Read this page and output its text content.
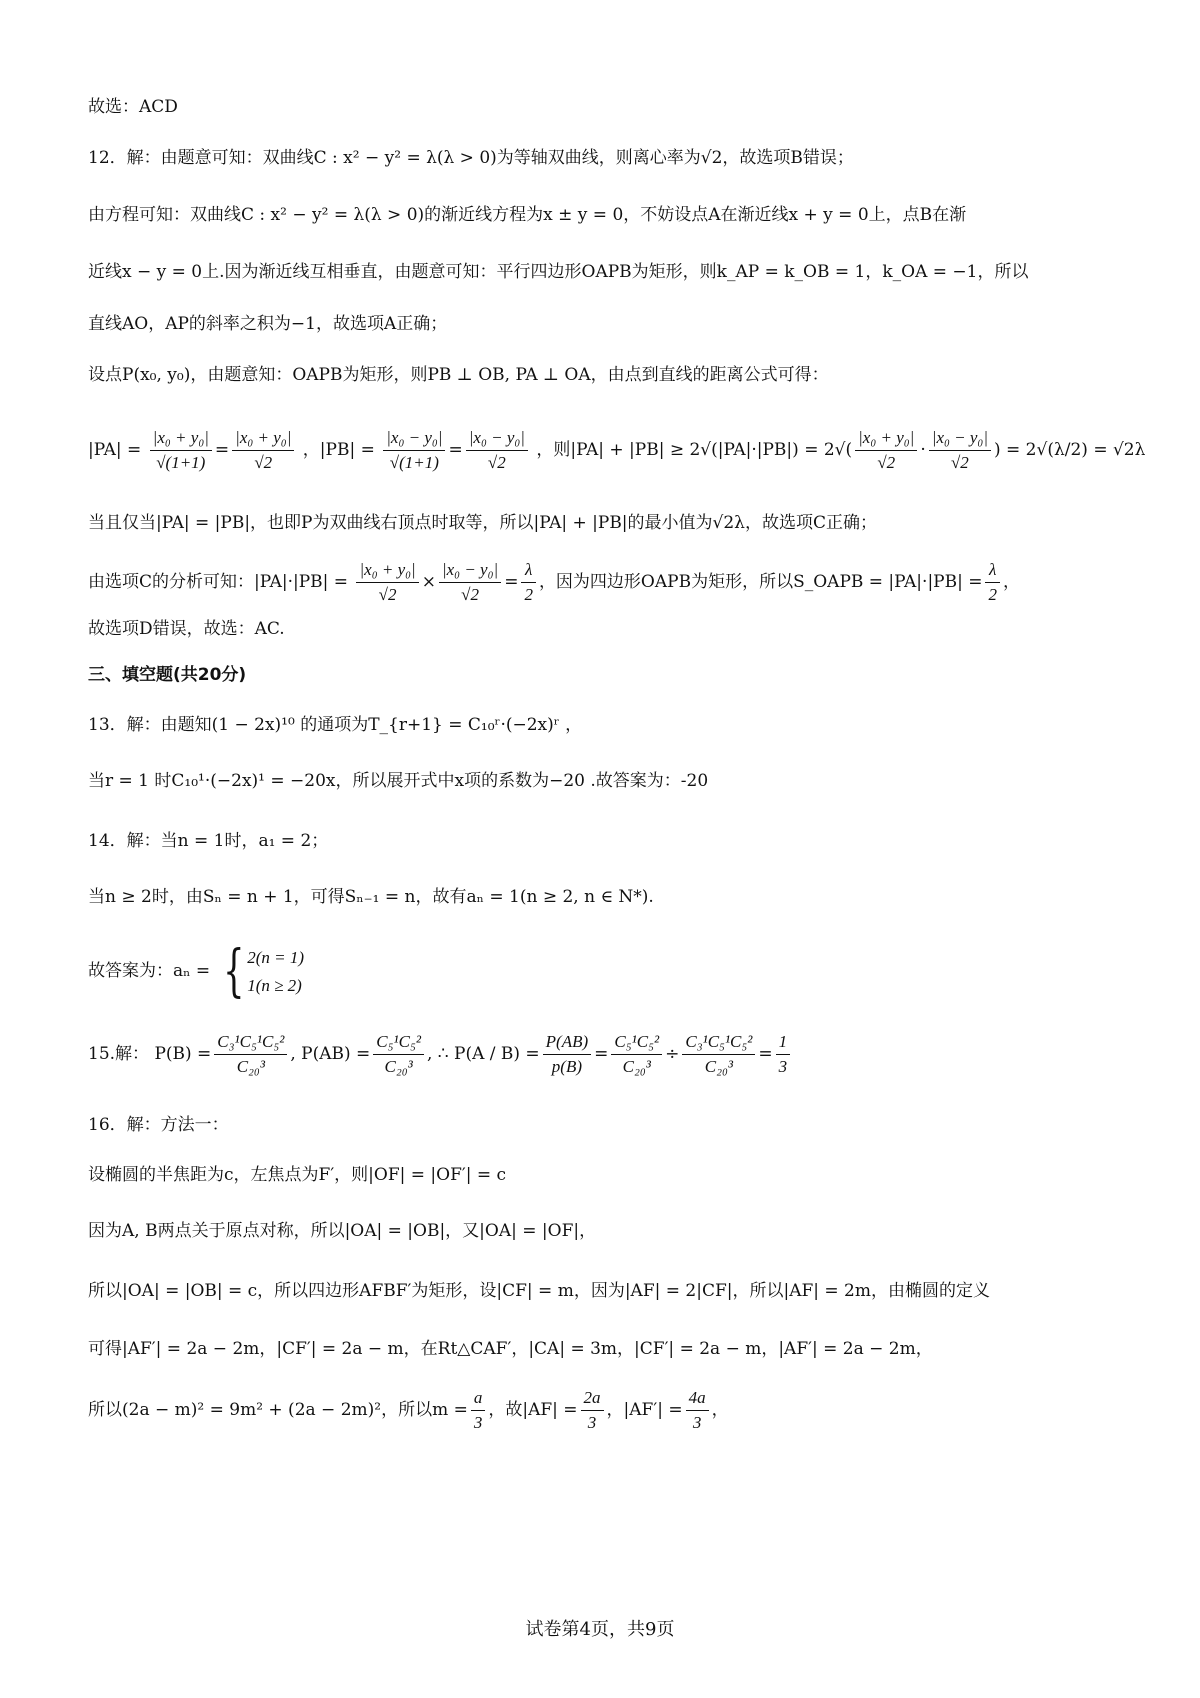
故选：ACD
12．解：由题意可知：双曲线C : x² − y² = λ(λ > 0)为等轴双曲线，则离心率为√2，故选项B错误；
由方程可知：双曲线C : x² − y² = λ(λ > 0)的渐近线方程为x ± y = 0，不妨设点A在渐近线x + y = 0上，点B在渐
近线x − y = 0上.因为渐近线互相垂直，由题意可知：平行四边形OAPB为矩形，则k_AP = k_OB = 1，k_OA = −1，所以
直线AO，AP的斜率之积为−1，故选项A正确；
设点P(x₀, y₀)，由题意知：OAPB为矩形，则PB ⊥ OB, PA ⊥ OA，由点到直线的距离公式可得：
$|PA| = \frac{\text{|x₀ + y₀|}}{√(1+1)} = \frac{\text{|x₀ + y₀|}}{√2}$ ，$|PB| = \frac{\text{|x₀ − y₀|}}{√(1+1)} = \frac{\text{|x₀ − y₀|}}{√2}$ ，则$|PA| + |PB| \ge 2√(|PA|\cdot|PB|) = 2√( \frac{\text{|x₀ + y₀|}}{√2} \cdot \frac{\text{|x₀ − y₀|}}{√2}$ ) = 2√(λ/2) = √2λ
当且仅当|PA| = |PB|，也即P为双曲线右顶点时取等，所以|PA| + |PB|的最小值为√2λ，故选项C正确；
由选项C的分析可知：$|PA|\cdot|PB| = \frac{\text{|x₀ + y₀|}}{√2} \times \frac{\text{|x₀ − y₀|}}{√2} = \frac{\lambda}{2}$ ，因为四边形OAPB为矩形，所以S_OAPB = $|PA|\cdot|PB| = \frac{\lambda}{2}$ ，
故选项D错误，故选：AC.
三、填空题(共20分)
13．解：由题知(1 − 2x)¹⁰ 的通项为T_{r+1} = C₁₀ʳ·(−2x)ʳ ，
当r = 1 时C₁₀¹·(−2x)¹ = −20x，所以展开式中x项的系数为−20 .故答案为：-20
14．解：当n = 1时，a₁ = 2；
当n ≥ 2时，由Sₙ = n + 1，可得Sₙ₋₁ = n，故有aₙ = 1(n ≥ 2, n ∈ N*).
故答案为：aₙ = { 2(n = 1)
1(n ≥ 2)
15.解： $P(B) = \frac{\text{C₃¹C₅¹C₅²}}{\text{C₂₀³}}$ , $P(AB) = \frac{\text{C₅¹C₅²}}{\text{C₂₀³}}$ , ∴ $P(A / B) = \frac{P(AB)}{p(B)} = \frac{\text{C₅¹C₅²}}{\text{C₂₀³}} \div \frac{\text{C₃¹C₅¹C₅²}}{\text{C₂₀³}} = \frac{1}{3}$
16．解：方法一：
设椭圆的半焦距为c，左焦点为F′，则|OF| = |OF′| = c
因为A, B两点关于原点对称，所以|OA| = |OB|，又|OA| = |OF|，
所以|OA| = |OB| = c，所以四边形AFBF′为矩形，设|CF| = m，因为|AF| = 2|CF|，所以|AF| = 2m，由椭圆的定义
可得|AF′| = 2a − 2m，|CF′| = 2a − m，在Rt△CAF′，|CA| = 3m，|CF′| = 2a − m，|AF′| = 2a − 2m，
所以(2a − m)² = 9m² + (2a − 2m)²，所以$m = \frac{a}{3}$ ，故$|AF| = \frac{2a}{3}$ ，$|AF'| = \frac{4a}{3}$ ，
试卷第4页，共9页
